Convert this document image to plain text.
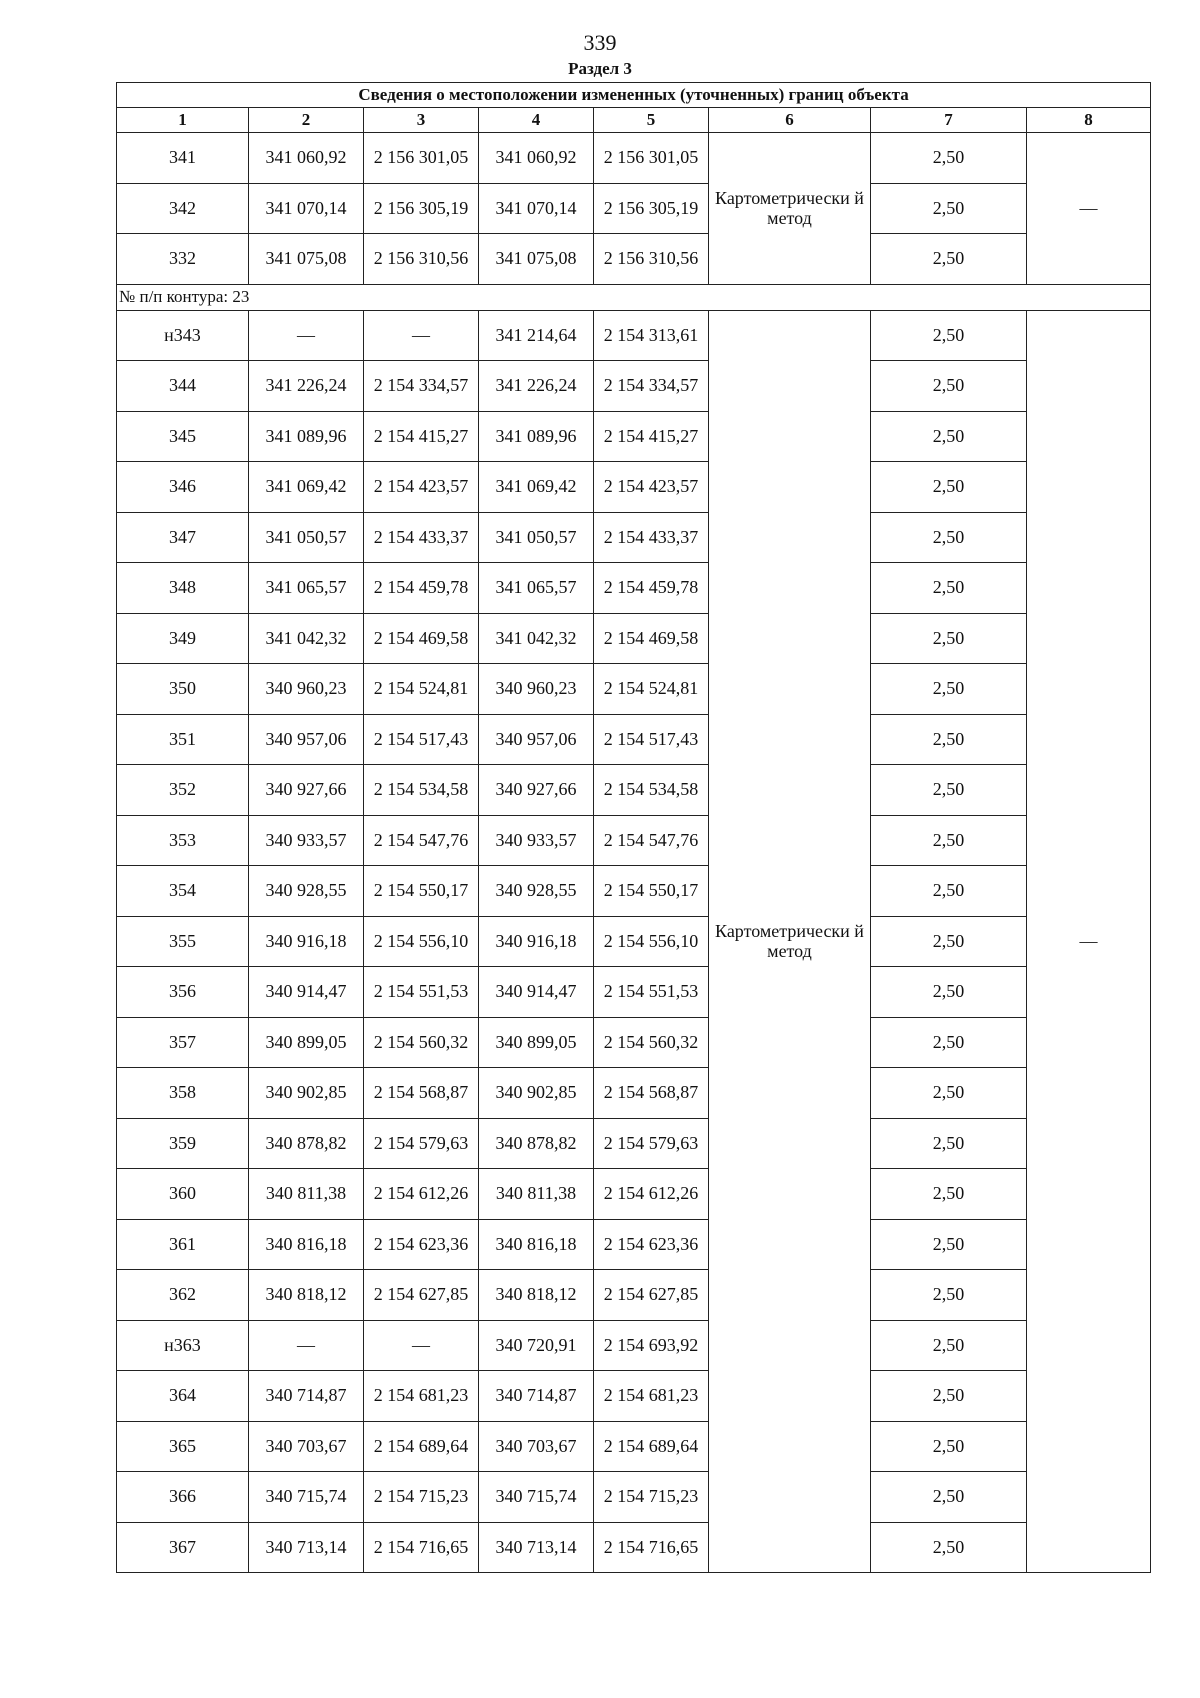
339
Раздел 3
Сведения о местоположении измененных (уточненных) границ объекта							
1	2	3	4	5	6	7	8
341	341 060,92	2 156 301,05	341 060,92	2 156 301,05	Картометрически й метод	2,50	—
342	341 070,14	2 156 305,19	341 070,14	2 156 305,19		2,50	
332	341 075,08	2 156 310,56	341 075,08	2 156 310,56		2,50	
№ п/п контура: 23							
н343	—	—	341 214,64	2 154 313,61	Картометрически й метод	2,50	—
344	341 226,24	2 154 334,57	341 226,24	2 154 334,57		2,50	
345	341 089,96	2 154 415,27	341 089,96	2 154 415,27		2,50	
346	341 069,42	2 154 423,57	341 069,42	2 154 423,57		2,50	
347	341 050,57	2 154 433,37	341 050,57	2 154 433,37		2,50	
348	341 065,57	2 154 459,78	341 065,57	2 154 459,78		2,50	
349	341 042,32	2 154 469,58	341 042,32	2 154 469,58		2,50	
350	340 960,23	2 154 524,81	340 960,23	2 154 524,81		2,50	
351	340 957,06	2 154 517,43	340 957,06	2 154 517,43		2,50	
352	340 927,66	2 154 534,58	340 927,66	2 154 534,58		2,50	
353	340 933,57	2 154 547,76	340 933,57	2 154 547,76		2,50	
354	340 928,55	2 154 550,17	340 928,55	2 154 550,17		2,50	
355	340 916,18	2 154 556,10	340 916,18	2 154 556,10		2,50	
356	340 914,47	2 154 551,53	340 914,47	2 154 551,53		2,50	
357	340 899,05	2 154 560,32	340 899,05	2 154 560,32		2,50	
358	340 902,85	2 154 568,87	340 902,85	2 154 568,87		2,50	
359	340 878,82	2 154 579,63	340 878,82	2 154 579,63		2,50	
360	340 811,38	2 154 612,26	340 811,38	2 154 612,26		2,50	
361	340 816,18	2 154 623,36	340 816,18	2 154 623,36		2,50	
362	340 818,12	2 154 627,85	340 818,12	2 154 627,85		2,50	
н363	—	—	340 720,91	2 154 693,92		2,50	
364	340 714,87	2 154 681,23	340 714,87	2 154 681,23		2,50	
365	340 703,67	2 154 689,64	340 703,67	2 154 689,64		2,50	
366	340 715,74	2 154 715,23	340 715,74	2 154 715,23		2,50	
367	340 713,14	2 154 716,65	340 713,14	2 154 716,65		2,50	
